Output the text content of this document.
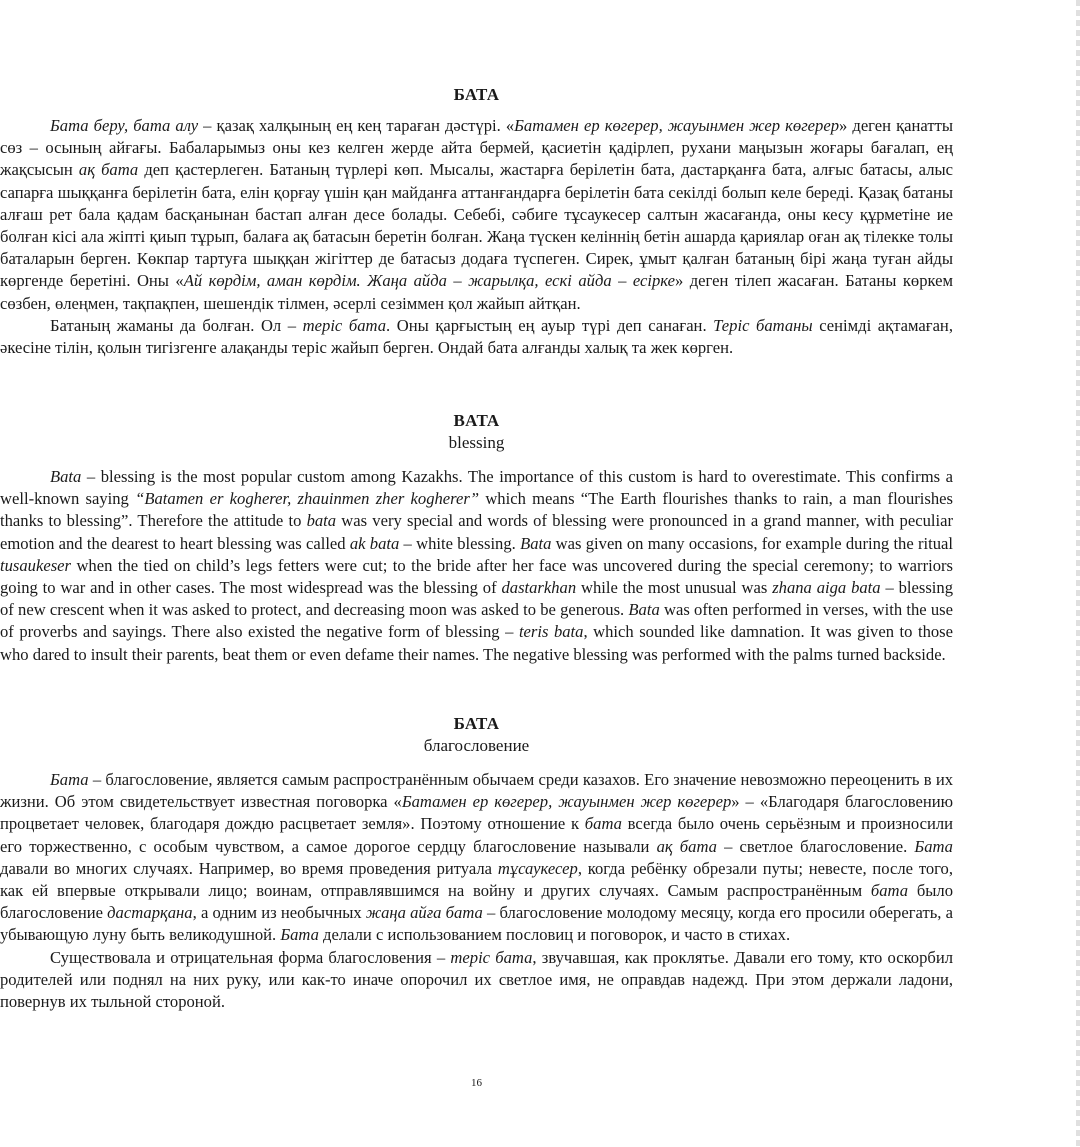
БАТА

Бата беру, бата алу – қазақ халқының ең кең тараған дәстүрі. «Батамен ер көгерер, жауынмен жер көгерер» деген қанатты сөз – осының айғағы. Бабаларымыз оны кез келген жерде айта бермей, қасиетін қадірлеп, рухани маңызын жоғары бағалап, ең жақсысын ақ бата деп қастерлеген. Батаның түрлері көп. Мысалы, жастарға берілетін бата, дастарқанға бата, алғыс батасы, алыс сапарға шыққанға берілетін бата, елін қорғау үшін қан майданға аттанғандарға берілетін бата секілді болып келе береді. Қазақ батаны алғаш рет бала қадам басқанынан бастап алған десе болады. Себебі, сәбиге тұсаукесер салтын жасағанда, оны кесу құрметіне ие болған кісі ала жіпті қиып тұрып, балаға ақ батасын беретін болған. Жаңа түскен келіннің бетін ашарда қариялар оған ақ тілекке толы баталарын берген. Көкпар тартуға шыққан жігіттер де батасыз додаға түспеген. Сирек, ұмыт қалған батаның бірі жаңа туған айды көргенде беретіні. Оны «Ай көрдім, аман көрдім. Жаңа айда – жарылқа, ескі айда – есірке» деген тілеп жасаған. Батаны көркем сөзбен, өлеңмен, тақпақпен, шешендік тілмен, әсерлі сезіммен қол жайып айтқан.

Батаның жаманы да болған. Ол – теріс бата. Оны қарғыстың ең ауыр түрі деп санаған. Теріс батаны сенімді ақтамаған, әкесіне тілін, қолын тигізгенге алақанды теріс жайып берген. Ондай бата алғанды халық та жек көрген.

BATA
blessing

Bata – blessing is the most popular custom among Kazakhs. The importance of this custom is hard to overestimate. This confirms a well-known saying “Batamen er kogherer, zhauinmen zher kogherer” which means “The Earth flourishes thanks to rain, a man flourishes thanks to blessing”. Therefore the attitude to bata was very special and words of blessing were pronounced in a grand manner, with peculiar emotion and the dearest to heart blessing was called ak bata – white blessing. Bata was given on many occasions, for example during the ritual tusaukeser when the tied on child’s legs fetters were cut; to the bride after her face was uncovered during the special ceremony; to warriors going to war and in other cases. The most widespread was the blessing of dastarkhan while the most unusual was zhana aiga bata – blessing of new crescent when it was asked to protect, and decreasing moon was asked to be generous. Bata was often performed in verses, with the use of proverbs and sayings. There also existed the negative form of blessing – teris bata, which sounded like damnation. It was given to those who dared to insult their parents, beat them or even defame their names. The negative blessing was performed with the palms turned backside.

БАТА
благословение

Бата – благословение, является самым распространённым обычаем среди казахов. Его значение невозможно переоценить в их жизни. Об этом свидетельствует известная поговорка «Батамен ер көгерер, жауынмен жер көгерер» – «Благодаря благословению процветает человек, благодаря дождю расцветает земля». Поэтому отношение к бата всегда было очень серьёзным и произносили его торжественно, с особым чувством, а самое дорогое сердцу благословение называли ақ бата – светлое благословение. Бата давали во многих случаях. Например, во время проведения ритуала тұсаукесер, когда ребёнку обрезали путы; невесте, после того, как ей впервые открывали лицо; воинам, отправлявшимся на войну и других случаях. Самым распространённым бата было благословение дастарқана, а одним из необычных жаңа айға бата – благословение молодому месяцу, когда его просили оберегать, а убывающую луну быть великодушной. Бата делали с использованием пословиц и поговорок, и часто в стихах.

Существовала и отрицательная форма благословения – теріс бата, звучавшая, как проклятье. Давали его тому, кто оскорбил родителей или поднял на них руку, или как-то иначе опорочил их светлое имя, не оправдав надежд. При этом держали ладони, повернув их тыльной стороной.

16
